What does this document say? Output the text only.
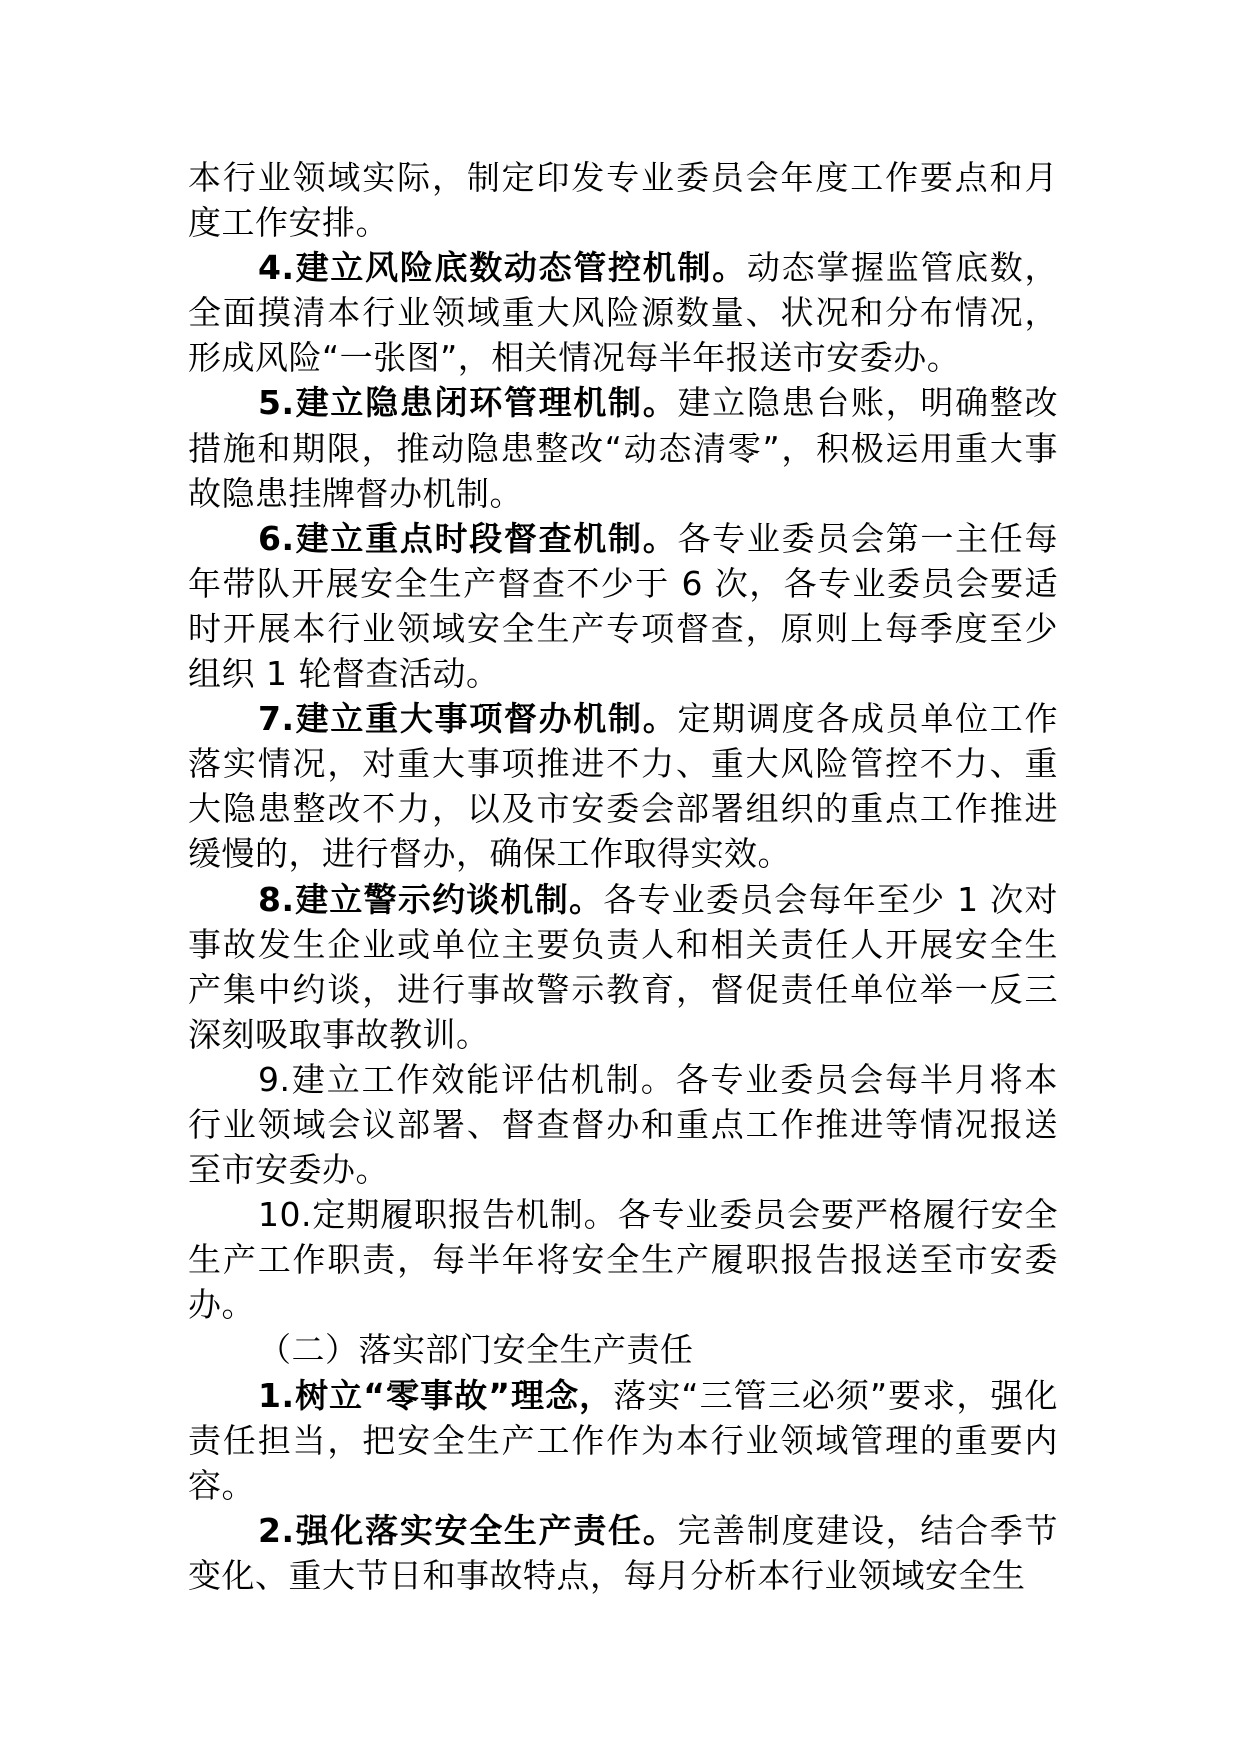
本行业领域实际，制定印发专业委员会年度工作要点和月度工作安排。

4.建立风险底数动态管控机制。动态掌握监管底数，全面摸清本行业领域重大风险源数量、状况和分布情况，形成风险“一张图”，相关情况每半年报送市安委办。

5.建立隐患闭环管理机制。建立隐患台账，明确整改措施和期限，推动隐患整改“动态清零”，积极运用重大事故隐患挂牌督办机制。

6.建立重点时段督查机制。各专业委员会第一主任每年带队开展安全生产督查不少于 6 次，各专业委员会要适时开展本行业领域安全生产专项督查，原则上每季度至少组织 1 轮督查活动。

7.建立重大事项督办机制。定期调度各成员单位工作落实情况，对重大事项推进不力、重大风险管控不力、重大隐患整改不力，以及市安委会部署组织的重点工作推进缓慢的，进行督办，确保工作取得实效。

8.建立警示约谈机制。各专业委员会每年至少 1 次对事故发生企业或单位主要负责人和相关责任人开展安全生产集中约谈，进行事故警示教育，督促责任单位举一反三深刻吸取事故教训。

9.建立工作效能评估机制。各专业委员会每半月将本行业领域会议部署、督查督办和重点工作推进等情况报送至市安委办。

10.定期履职报告机制。各专业委员会要严格履行安全生产工作职责，每半年将安全生产履职报告报送至市安委办。

（二）落实部门安全生产责任

1.树立“零事故”理念，落实“三管三必须”要求，强化责任担当，把安全生产工作作为本行业领域管理的重要内容。

2.强化落实安全生产责任。完善制度建设，结合季节变化、重大节日和事故特点，每月分析本行业领域安全生
